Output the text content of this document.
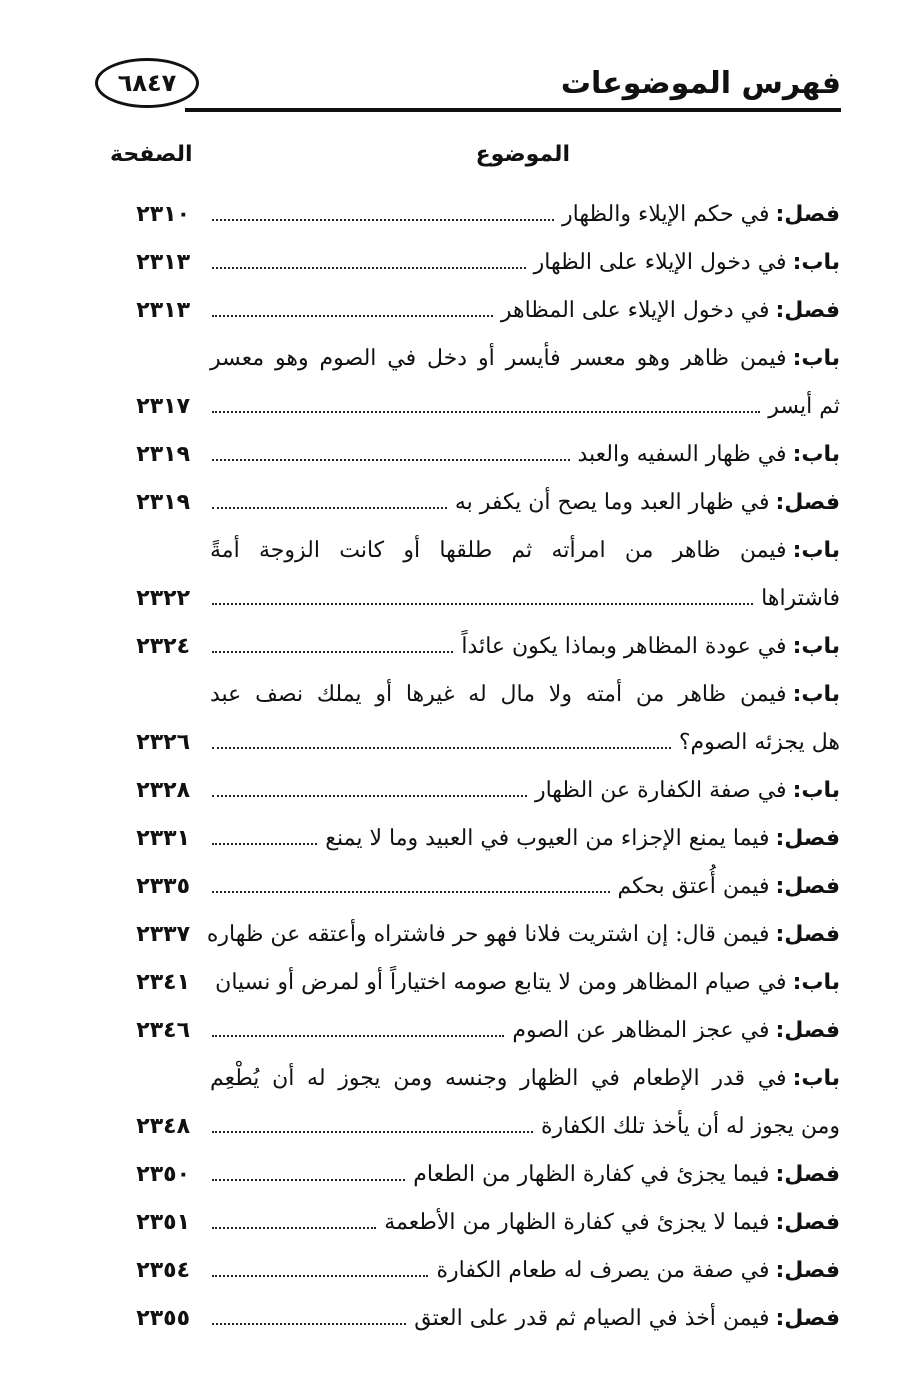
فهرس الموضوعات
٦٨٤٧
الموضوع
الصفحة
فصل:
في حكم الإيلاء والظهار
٢٣١٠
باب:
في دخول الإيلاء على الظهار
٢٣١٣
فصل:
في دخول الإيلاء على المظاهر
٢٣١٣
باب:
فيمن ظاهر وهو معسر فأيسر أو دخل في الصوم وهو معسر
ثم أيسر
٢٣١٧
باب:
في ظهار السفيه والعبد
٢٣١٩
فصل:
في ظهار العبد وما يصح أن يكفر به
٢٣١٩
باب:
فيمن ظاهر من امرأته ثم طلقها أو كانت الزوجة أمةً
فاشتراها
٢٣٢٢
باب:
في عودة المظاهر وبماذا يكون عائداً
٢٣٢٤
باب:
فيمن ظاهر من أمته ولا مال له غيرها أو يملك نصف عبد
هل يجزئه الصوم؟
٢٣٢٦
باب:
في صفة الكفارة عن الظهار
٢٣٢٨
فصل:
فيما يمنع الإجزاء من العيوب في العبيد وما لا يمنع
٢٣٣١
فصل:
فيمن أُعتق بحكم
٢٣٣٥
فصل:
فيمن قال: إن اشتريت فلانا فهو حر فاشتراه وأعتقه عن ظهاره
٢٣٣٧
باب:
في صيام المظاهر ومن لا يتابع صومه اختياراً أو لمرض أو نسيان
٢٣٤١
فصل:
في عجز المظاهر عن الصوم
٢٣٤٦
باب:
في قدر الإطعام في الظهار وجنسه ومن يجوز له أن يُطْعِم
ومن يجوز له أن يأخذ تلك الكفارة
٢٣٤٨
فصل:
فيما يجزئ في كفارة الظهار من الطعام
٢٣٥٠
فصل:
فيما لا يجزئ في كفارة الظهار من الأطعمة
٢٣٥١
فصل:
في صفة من يصرف له طعام الكفارة
٢٣٥٤
فصل:
فيمن أخذ في الصيام ثم قدر على العتق
٢٣٥٥
